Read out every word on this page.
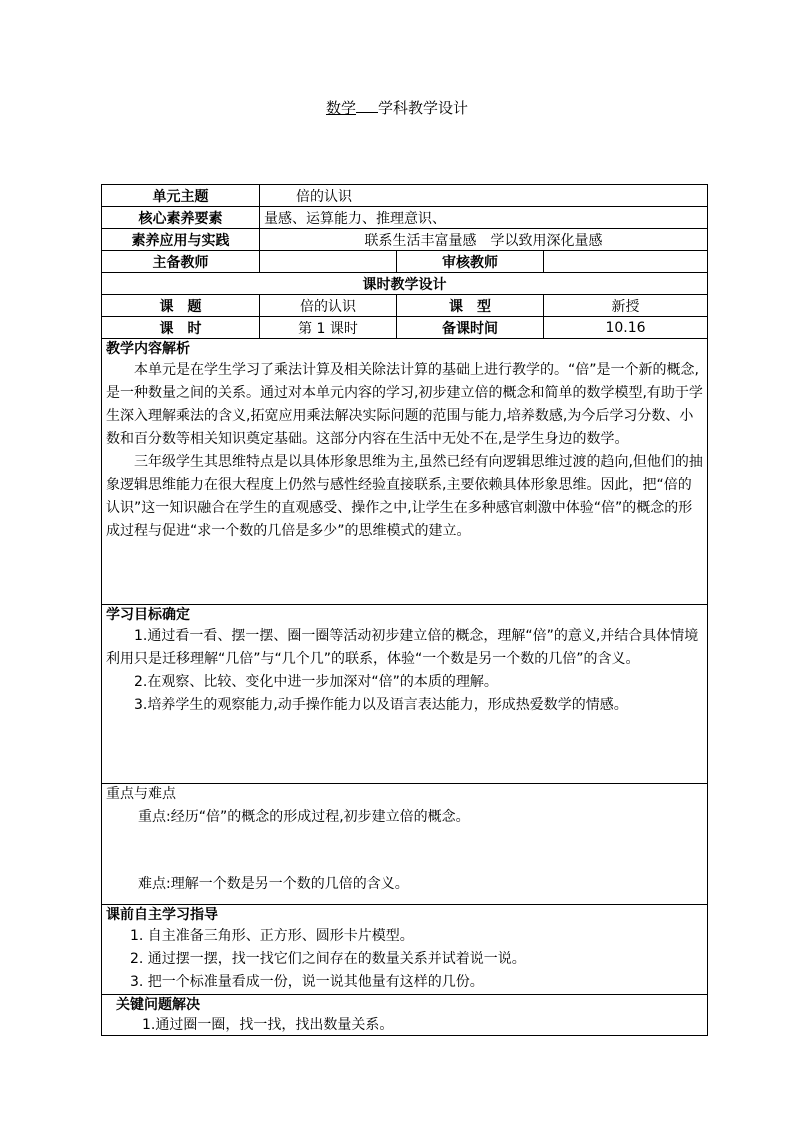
数学 学科教学设计
单元主题	倍的认识		
核心素养要素	量感、运算能力、推理意识、		
素养应用与实践	联系生活丰富量感　学以致用深化量感		
主备教师		审核教师	
课时教学设计			
课　题	倍的认识	课　型	新授
课　时	第 1 课时	备课时间	10.16

教学内容解析

本单元是在学生学习了乘法计算及相关除法计算的基础上进行教学的。“倍”是一个新的概念,是一种数量之间的关系。通过对本单元内容的学习,初步建立倍的概念和简单的数学模型,有助于学生深入理解乘法的含义,拓宽应用乘法解决实际问题的范围与能力,培养数感,为今后学习分数、小数和百分数等相关知识奠定基础。这部分内容在生活中无处不在,是学生身边的数学。

三年级学生其思维特点是以具体形象思维为主,虽然已经有向逻辑思维过渡的趋向,但他们的抽象逻辑思维能力在很大程度上仍然与感性经验直接联系,主要依赖具体形象思维。因此，把“倍的认识”这一知识融合在学生的直观感受、操作之中,让学生在多种感官刺激中体验“倍”的概念的形成过程与促进“求一个数的几倍是多少”的思维模式的建立。			

学习目标确定

1.通过看一看、摆一摆、圈一圈等活动初步建立倍的概念，理解“倍”的意义,并结合具体情境利用只是迁移理解“几倍”与“几个几”的联系，体验“一个数是另一个数的几倍”的含义。

2.在观察、比较、变化中进一步加深对“倍”的本质的理解。

3.培养学生的观察能力,动手操作能力以及语言表达能力，形成热爱数学的情感。			

重点与难点

重点:经历“倍”的概念的形成过程,初步建立倍的概念。

难点:理解一个数是另一个数的几倍的含义。			

课前自主学习指导

1. 自主准备三角形、正方形、圆形卡片模型。

2. 通过摆一摆，找一找它们之间存在的数量关系并试着说一说。

3. 把一个标准量看成一份，说一说其他量有这样的几份。			

关键问题解决

1.通过圈一圈，找一找，找出数量关系。			
